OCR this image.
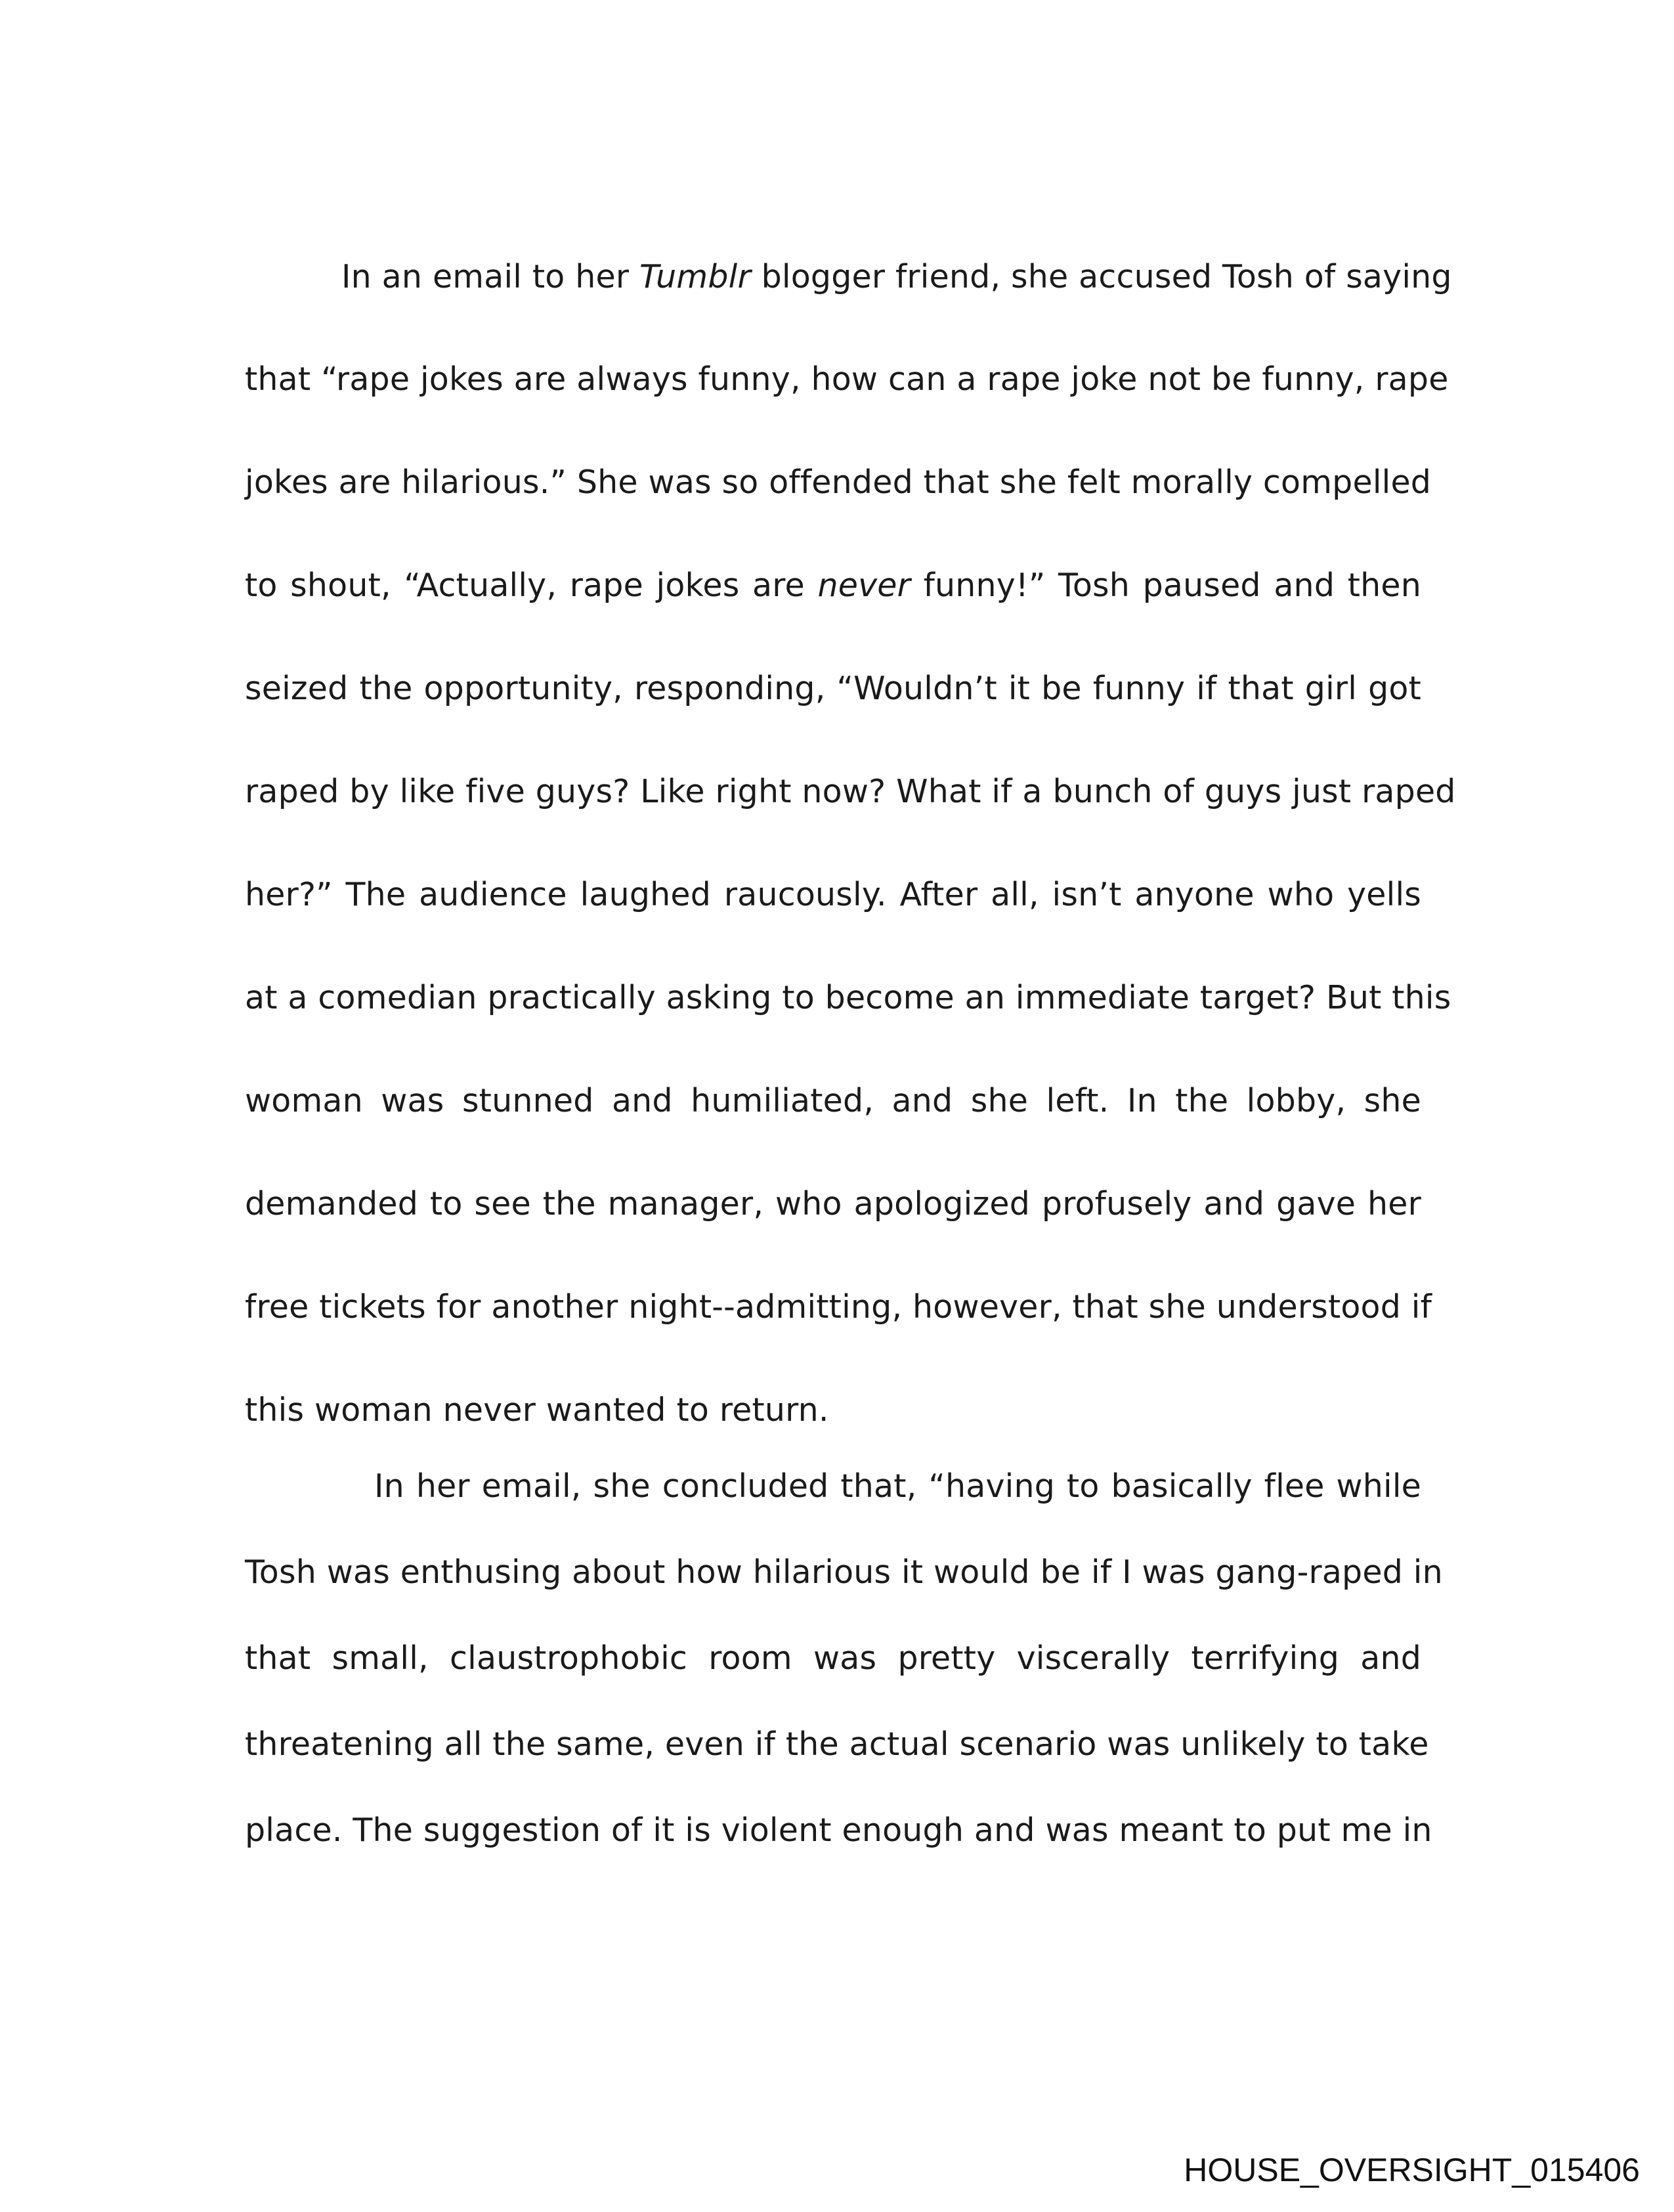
In an email to her Tumblr blogger friend, she accused Tosh of saying
that “rape jokes are always funny, how can a rape joke not be funny, rape
jokes are hilarious.” She was so offended that she felt morally compelled
to shout, “Actually, rape jokes are never funny!” Tosh paused and then
seized the opportunity, responding, “Wouldn’t it be funny if that girl got
raped by like five guys? Like right now? What if a bunch of guys just raped
her?” The audience laughed raucously. After all, isn’t anyone who yells
at a comedian practically asking to become an immediate target? But this
woman was stunned and humiliated, and she left. In the lobby, she
demanded to see the manager, who apologized profusely and gave her
free tickets for another night--admitting, however, that she understood if
this woman never wanted to return.
In her email, she concluded that, “having to basically flee while
Tosh was enthusing about how hilarious it would be if I was gang-raped in
that small, claustrophobic room was pretty viscerally terrifying and
threatening all the same, even if the actual scenario was unlikely to take
place. The suggestion of it is violent enough and was meant to put me in
HOUSE_OVERSIGHT_015406
